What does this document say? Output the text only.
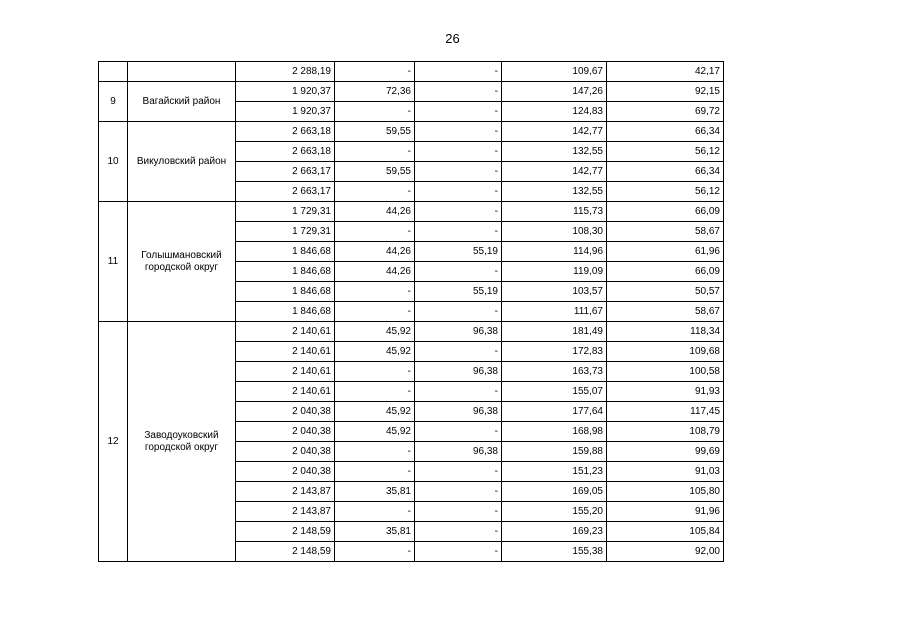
26
		2 288,19	-	-	109,67	42,17
9	Вагайский район	1 920,37	72,36	-	147,26	92,15
		1 920,37	-	-	124,83	69,72
10	Викуловский район	2 663,18	59,55	-	142,77	66,34
		2 663,18	-	-	132,55	56,12
		2 663,17	59,55	-	142,77	66,34
		2 663,17	-	-	132,55	56,12
11	Голышмановский городской округ	1 729,31	44,26	-	115,73	66,09
		1 729,31	-	-	108,30	58,67
		1 846,68	44,26	55,19	114,96	61,96
		1 846,68	44,26	-	119,09	66,09
		1 846,68	-	55,19	103,57	50,57
		1 846,68	-	-	111,67	58,67
12	Заводоуковский городской округ	2 140,61	45,92	96,38	181,49	118,34
		2 140,61	45,92	-	172,83	109,68
		2 140,61	-	96,38	163,73	100,58
		2 140,61	-	-	155,07	91,93
		2 040,38	45,92	96,38	177,64	117,45
		2 040,38	45,92	-	168,98	108,79
		2 040,38	-	96,38	159,88	99,69
		2 040,38	-	-	151,23	91,03
		2 143,87	35,81	-	169,05	105,80
		2 143,87	-	-	155,20	91,96
		2 148,59	35,81	-	169,23	105,84
		2 148,59	-	-	155,38	92,00
